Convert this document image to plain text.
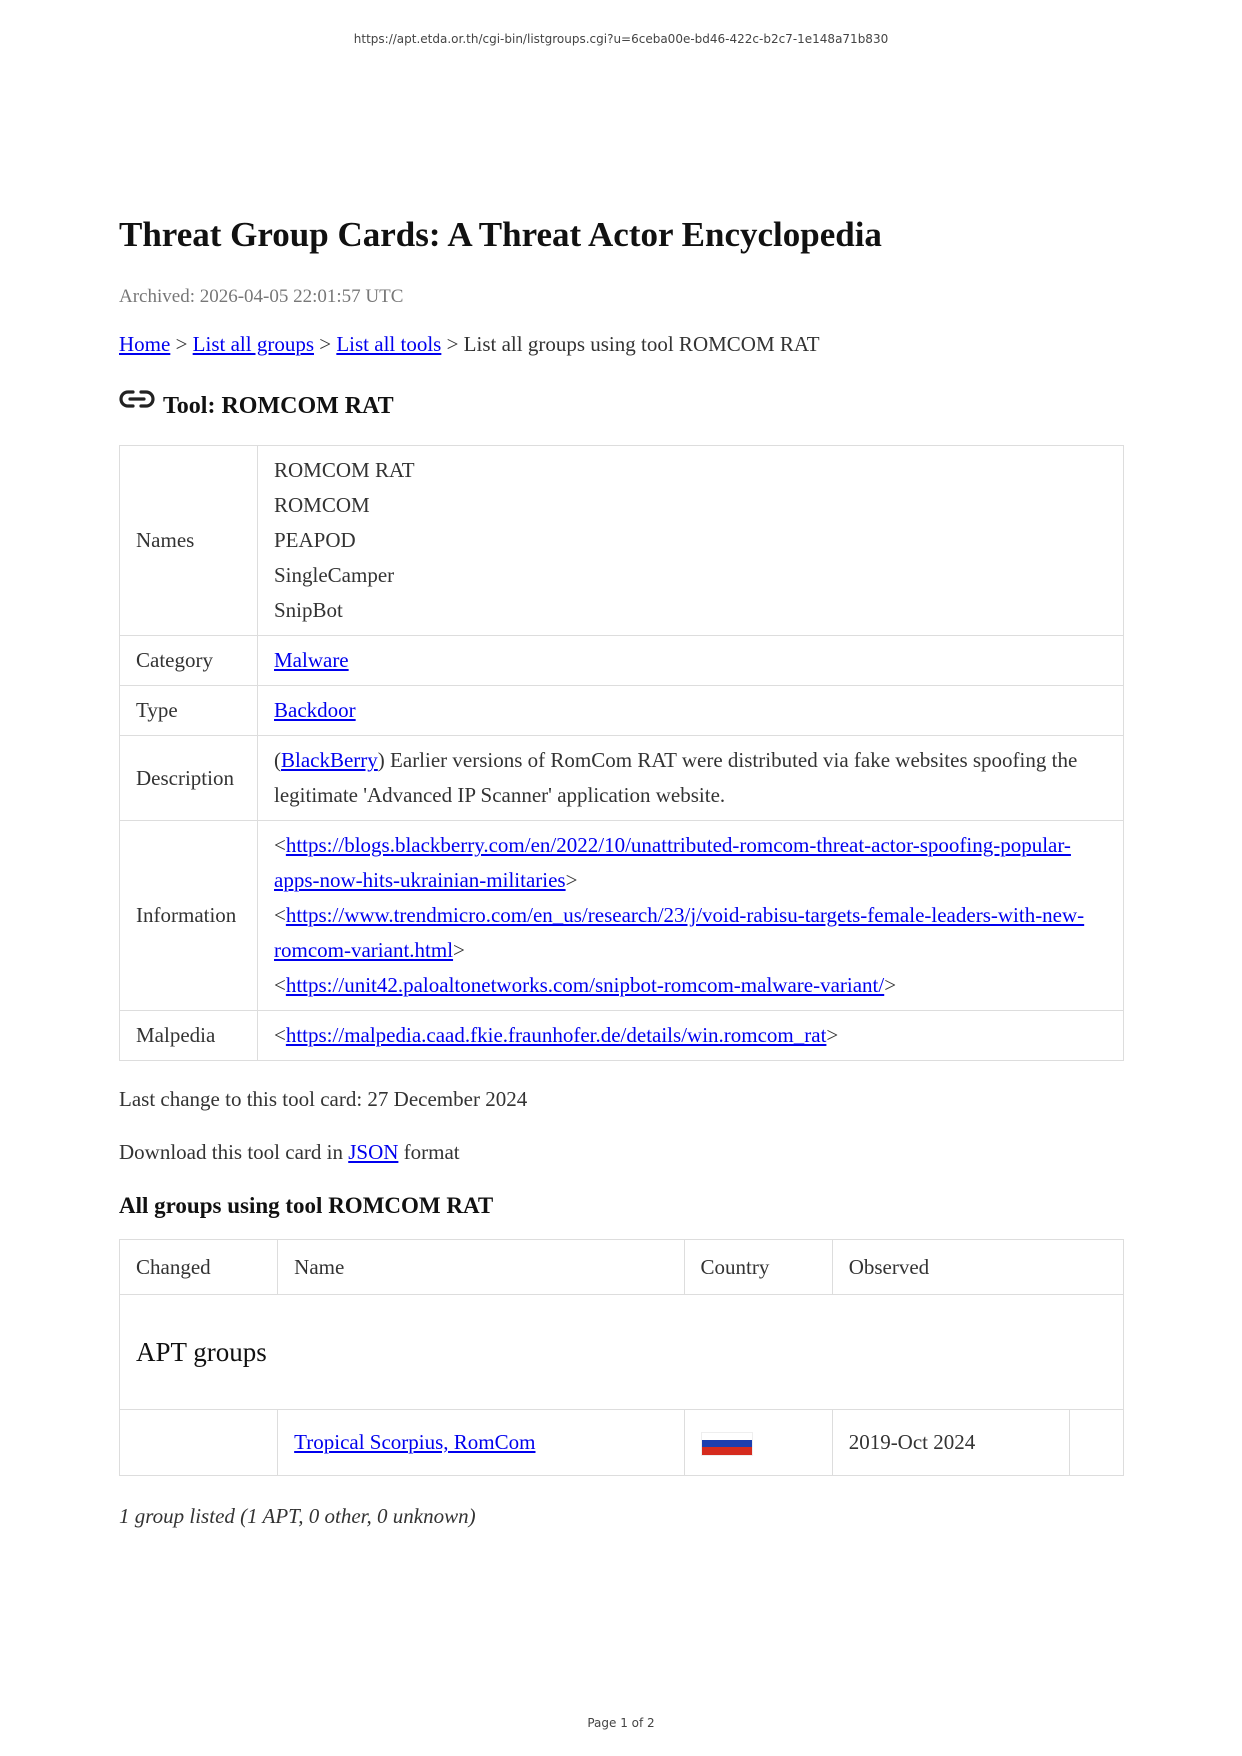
https://apt.etda.or.th/cgi-bin/listgroups.cgi?u=6ceba00e-bd46-422c-b2c7-1e148a71b830
Threat Group Cards: A Threat Actor Encyclopedia
Archived: 2026-04-05 22:01:57 UTC
Home > List all groups > List all tools > List all groups using tool ROMCOM RAT
Tool: ROMCOM RAT
Names	ROMCOM RAT
ROMCOM
PEAPOD
SingleCamper
SnipBot

Category	Malware
Type	Backdoor
Description	(BlackBerry) Earlier versions of RomCom RAT were distributed via fake websites spoofing the legitimate 'Advanced IP Scanner' application website.
Information	<https://blogs.blackberry.com/en/2022/10/unattributed-romcom-threat-actor-spoofing-popular-apps-now-hits-ukrainian-militaries>
<https://www.trendmicro.com/en_us/research/23/j/void-rabisu-targets-female-leaders-with-new-romcom-variant.html>
<https://unit42.paloaltonetworks.com/snipbot-romcom-malware-variant/>

Malpedia	<https://malpedia.caad.fkie.fraunhofer.de/details/win.romcom_rat>
Last change to this tool card: 27 December 2024
Download this tool card in JSON format
All groups using tool ROMCOM RAT
Changed	Name	Country	Observed	
APT groups				
	Tropical Scorpius, RomCom		2019-Oct 2024	
1 group listed (1 APT, 0 other, 0 unknown)
Page 1 of 2
